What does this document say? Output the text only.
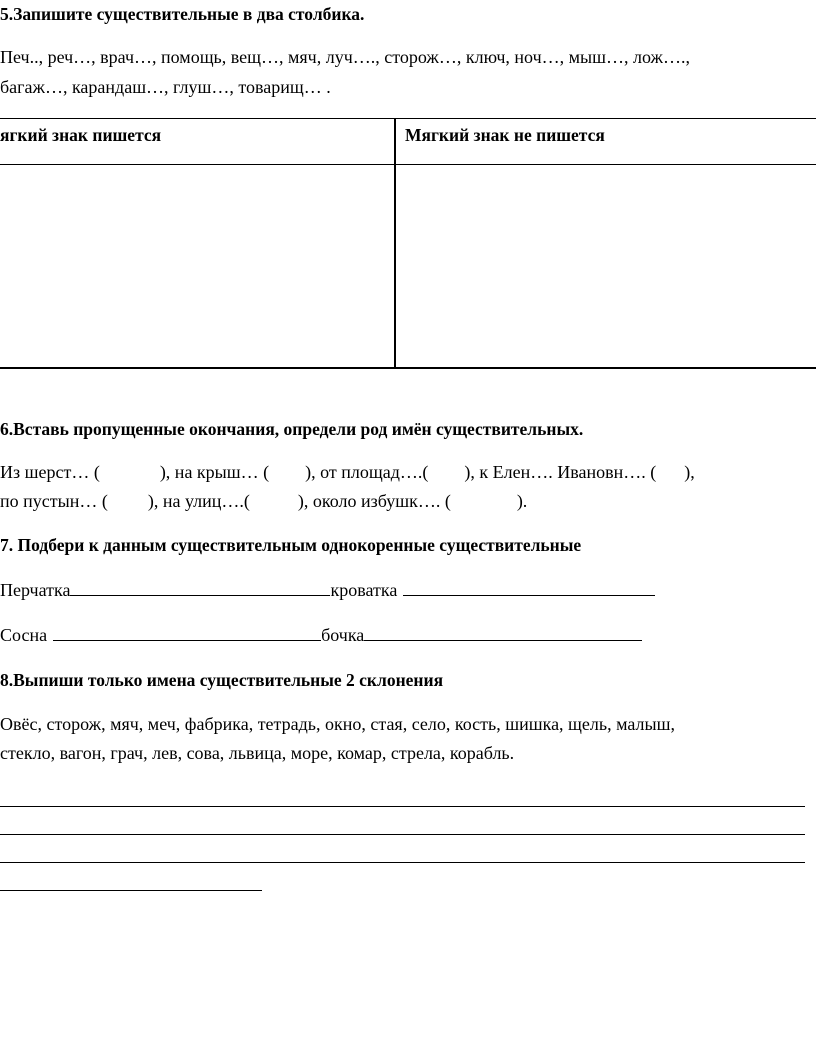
5.Запишите существительные в два столбика.
Печ.., реч…, врач…, помощь, вещ…, мяч, луч…., сторож…, ключ, ноч…, мыш…, лож….,
багаж…, карандаш…, глуш…, товарищ… .
ягкий знак пишется	Мягкий знак не пишется
6.Вставь пропущенные окончания, определи род имён существительных.
Из шерст… (	), на крыш… ( ), от площад….( ), к Елен…. Ивановн…. ( ),
по пустын… ( ), на улиц….(	), около избушк…. (	).
7. Подбери к данным существительным однокоренные существительные
Перчатка	кроватка
Сосна	бочка
8.Выпиши только имена существительные 2 склонения
Овёс, сторож, мяч, меч, фабрика, тетрадь, окно, стая, село, кость, шишка, щель, малыш,
стекло, вагон, грач, лев, сова, львица, море, комар, стрела, корабль.
